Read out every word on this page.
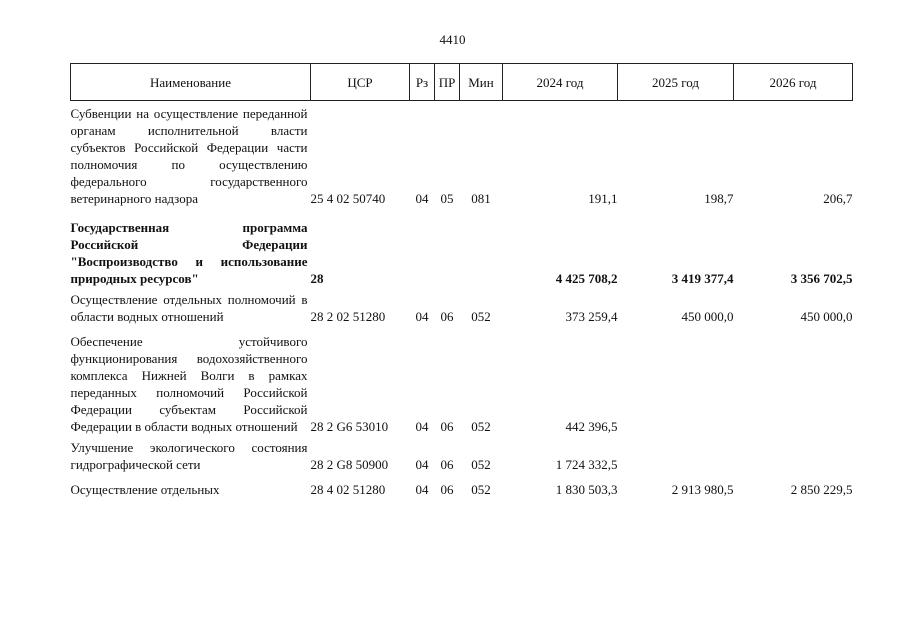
4410
Наименование	ЦСР	Рз	ПР	Мин	2024 год	2025 год	2026 год

Субвенции на осуществление переданной органам исполнительной власти субъектов Российской Федерации части полномочия по осуществлению федерального государственного ветеринарного надзора	25 4 02 50740	04	05	081	191,1	198,7	206,7

Государственная программа Российской Федерации "Воспроизводство и использование природных ресурсов"	28				4 425 708,2	3 419 377,4	3 356 702,5

Осуществление отдельных полномочий в области водных отношений	28 2 02 51280	04	06	052	373 259,4	450 000,0	450 000,0

Обеспечение устойчивого функционирования водохозяйственного комплекса Нижней Волги в рамках переданных полномочий Российской Федерации субъектам Российской Федерации в области водных отношений	28 2 G6 53010	04	06	052	442 396,5		

Улучшение экологического состояния гидрографической сети	28 2 G8 50900	04	06	052	1 724 332,5		

Осуществление отдельных	28 4 02 51280	04	06	052	1 830 503,3	2 913 980,5	2 850 229,5
